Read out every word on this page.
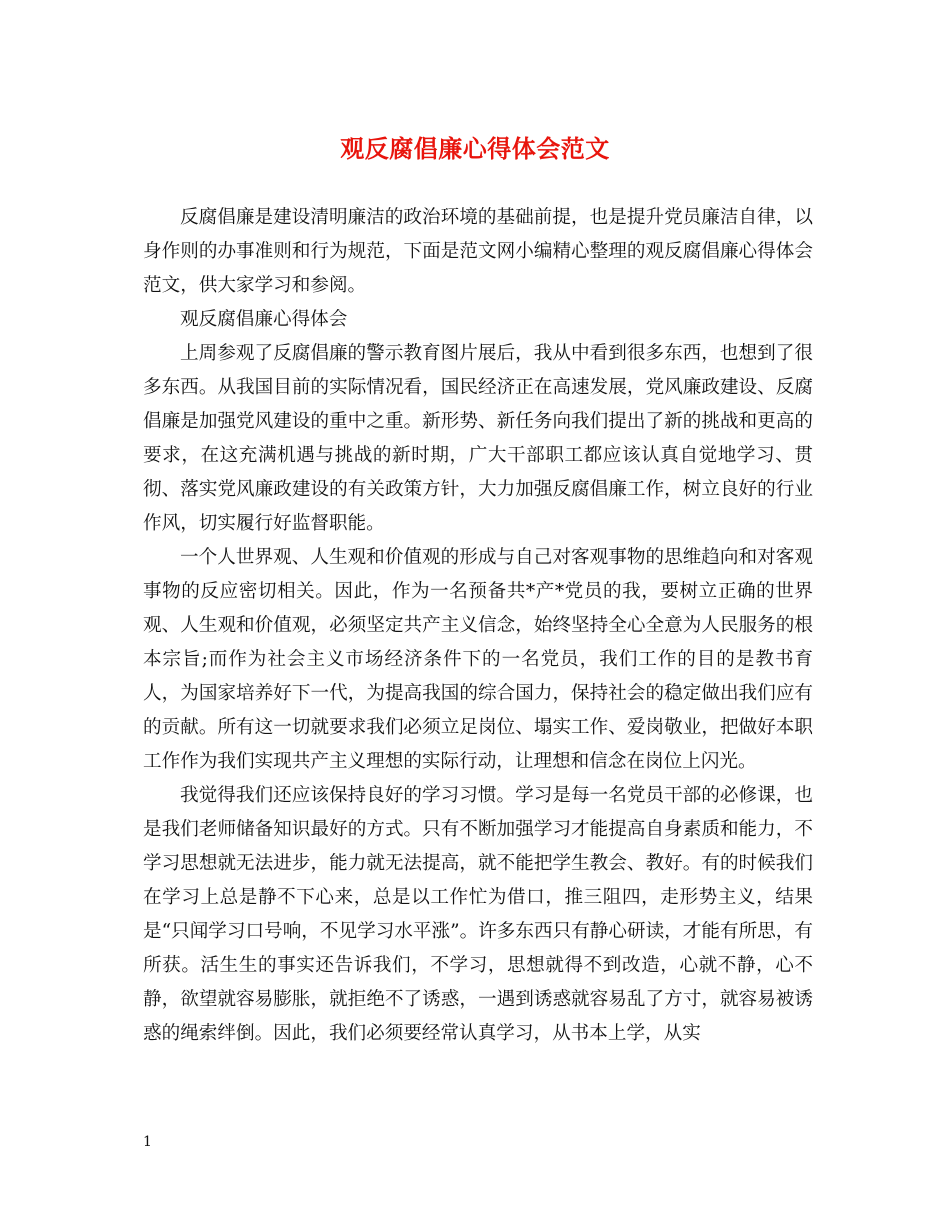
观反腐倡廉心得体会范文

反腐倡廉是建设清明廉洁的政治环境的基础前提，也是提升党员廉洁自律，以身作则的办事准则和行为规范，下面是范文网小编精心整理的观反腐倡廉心得体会范文，供大家学习和参阅。

观反腐倡廉心得体会

上周参观了反腐倡廉的警示教育图片展后，我从中看到很多东西，也想到了很多东西。从我国目前的实际情况看，国民经济正在高速发展，党风廉政建设、反腐倡廉是加强党风建设的重中之重。新形势、新任务向我们提出了新的挑战和更高的要求，在这充满机遇与挑战的新时期，广大干部职工都应该认真自觉地学习、贯彻、落实党风廉政建设的有关政策方针，大力加强反腐倡廉工作，树立良好的行业作风，切实履行好监督职能。

一个人世界观、人生观和价值观的形成与自己对客观事物的思维趋向和对客观事物的反应密切相关。因此，作为一名预备共*产*党员的我，要树立正确的世界观、人生观和价值观，必须坚定共产主义信念，始终坚持全心全意为人民服务的根本宗旨;而作为社会主义市场经济条件下的一名党员，我们工作的目的是教书育人，为国家培养好下一代，为提高我国的综合国力，保持社会的稳定做出我们应有的贡献。所有这一切就要求我们必须立足岗位、塌实工作、爱岗敬业，把做好本职工作作为我们实现共产主义理想的实际行动，让理想和信念在岗位上闪光。

我觉得我们还应该保持良好的学习习惯。学习是每一名党员干部的必修课，也是我们老师储备知识最好的方式。只有不断加强学习才能提高自身素质和能力，不学习思想就无法进步，能力就无法提高，就不能把学生教会、教好。有的时候我们在学习上总是静不下心来，总是以工作忙为借口，推三阻四，走形势主义，结果是“只闻学习口号响，不见学习水平涨”。许多东西只有静心研读，才能有所思，有所获。活生生的事实还告诉我们，不学习，思想就得不到改造，心就不静，心不静，欲望就容易膨胀，就拒绝不了诱惑，一遇到诱惑就容易乱了方寸，就容易被诱惑的绳索绊倒。因此，我们必须要经常认真学习，从书本上学，从实

1
